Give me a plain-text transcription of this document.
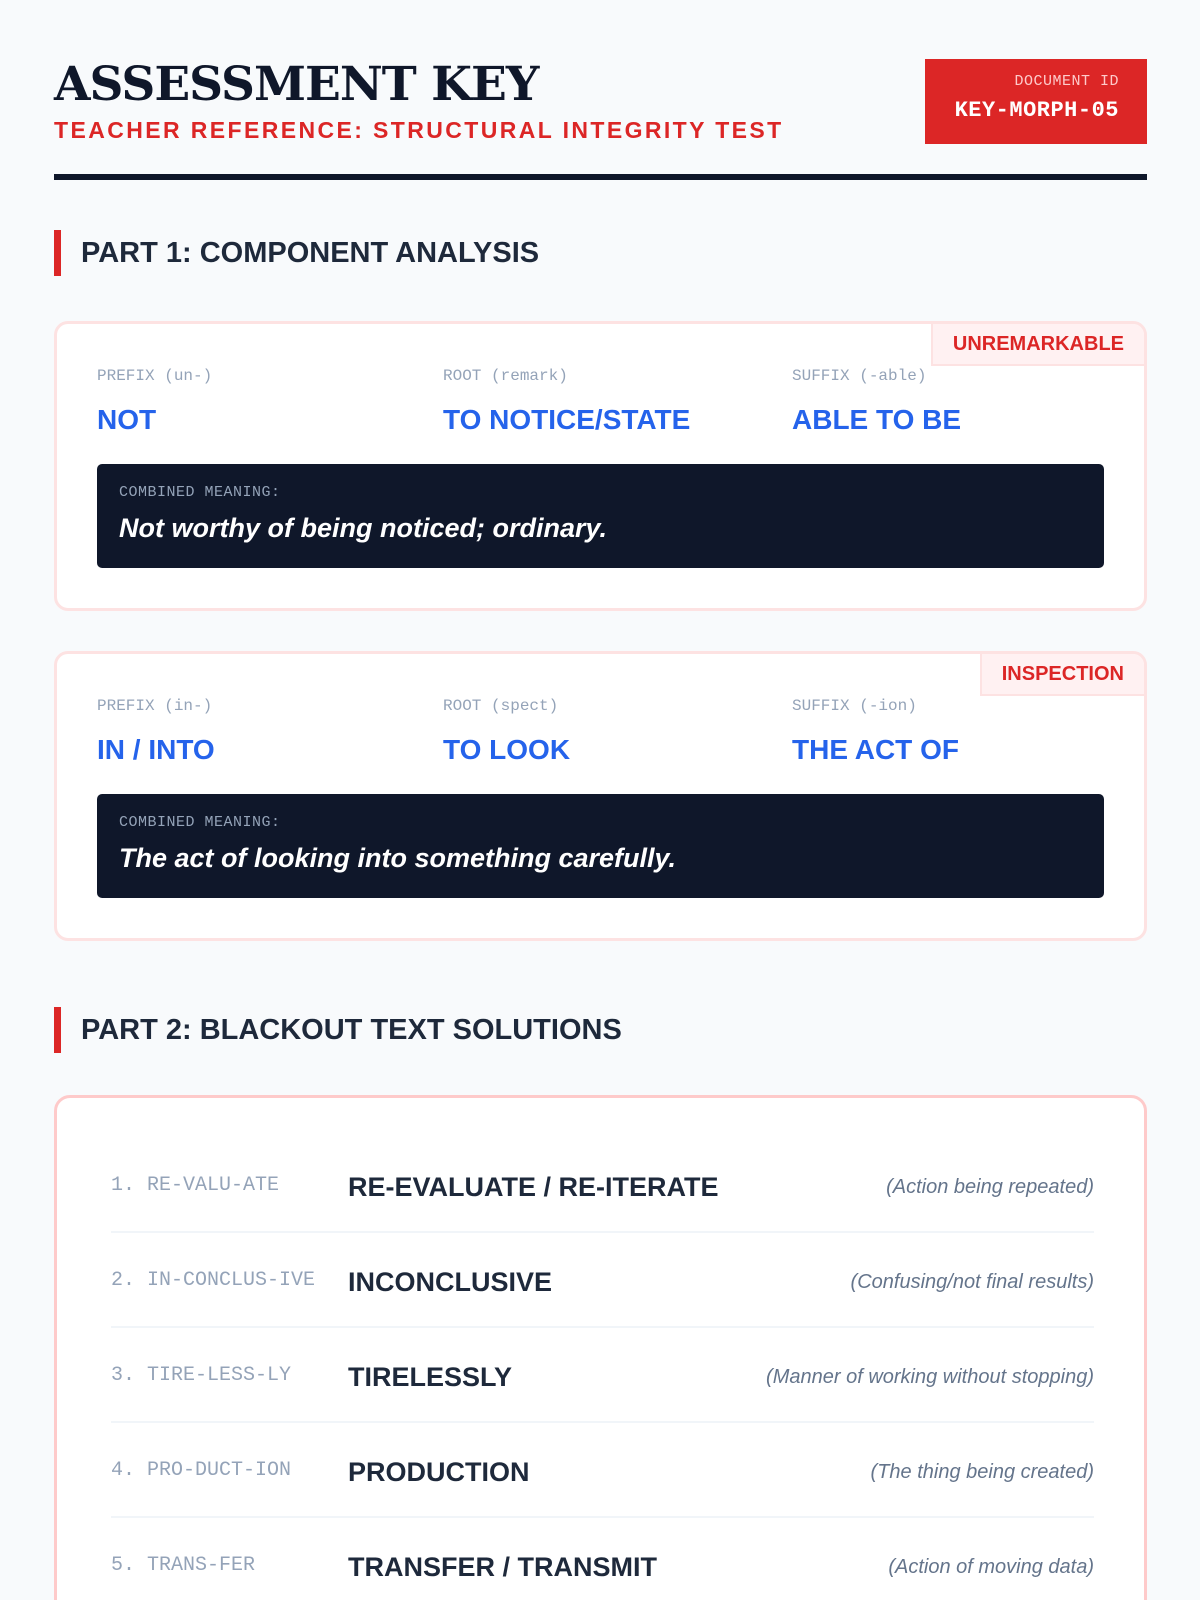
ASSESSMENT KEY
TEACHER REFERENCE: STRUCTURAL INTEGRITY TEST
DOCUMENT ID
KEY-MORPH-05
PART 1: COMPONENT ANALYSIS
UNREMARKABLE
PREFIX (un-)
NOT
ROOT (remark)
TO NOTICE/STATE
SUFFIX (-able)
ABLE TO BE
COMBINED MEANING:
Not worthy of being noticed; ordinary.
INSPECTION
PREFIX (in-)
IN / INTO
ROOT (spect)
TO LOOK
SUFFIX (-ion)
THE ACT OF
COMBINED MEANING:
The act of looking into something carefully.
PART 2: BLACKOUT TEXT SOLUTIONS
1. RE-VALU-ATE	RE-EVALUATE / RE-ITERATE	(Action being repeated)
2. IN-CONCLUS-IVE INCONCLUSIVE	(Confusing/not final results)
3. TIRE-LESS-LY TIRELESSLY	(Manner of working without stopping)
4. PRO-DUCT-ION PRODUCTION	(The thing being created)
5. TRANS-FER	TRANSFER / TRANSMIT	(Action of moving data)
